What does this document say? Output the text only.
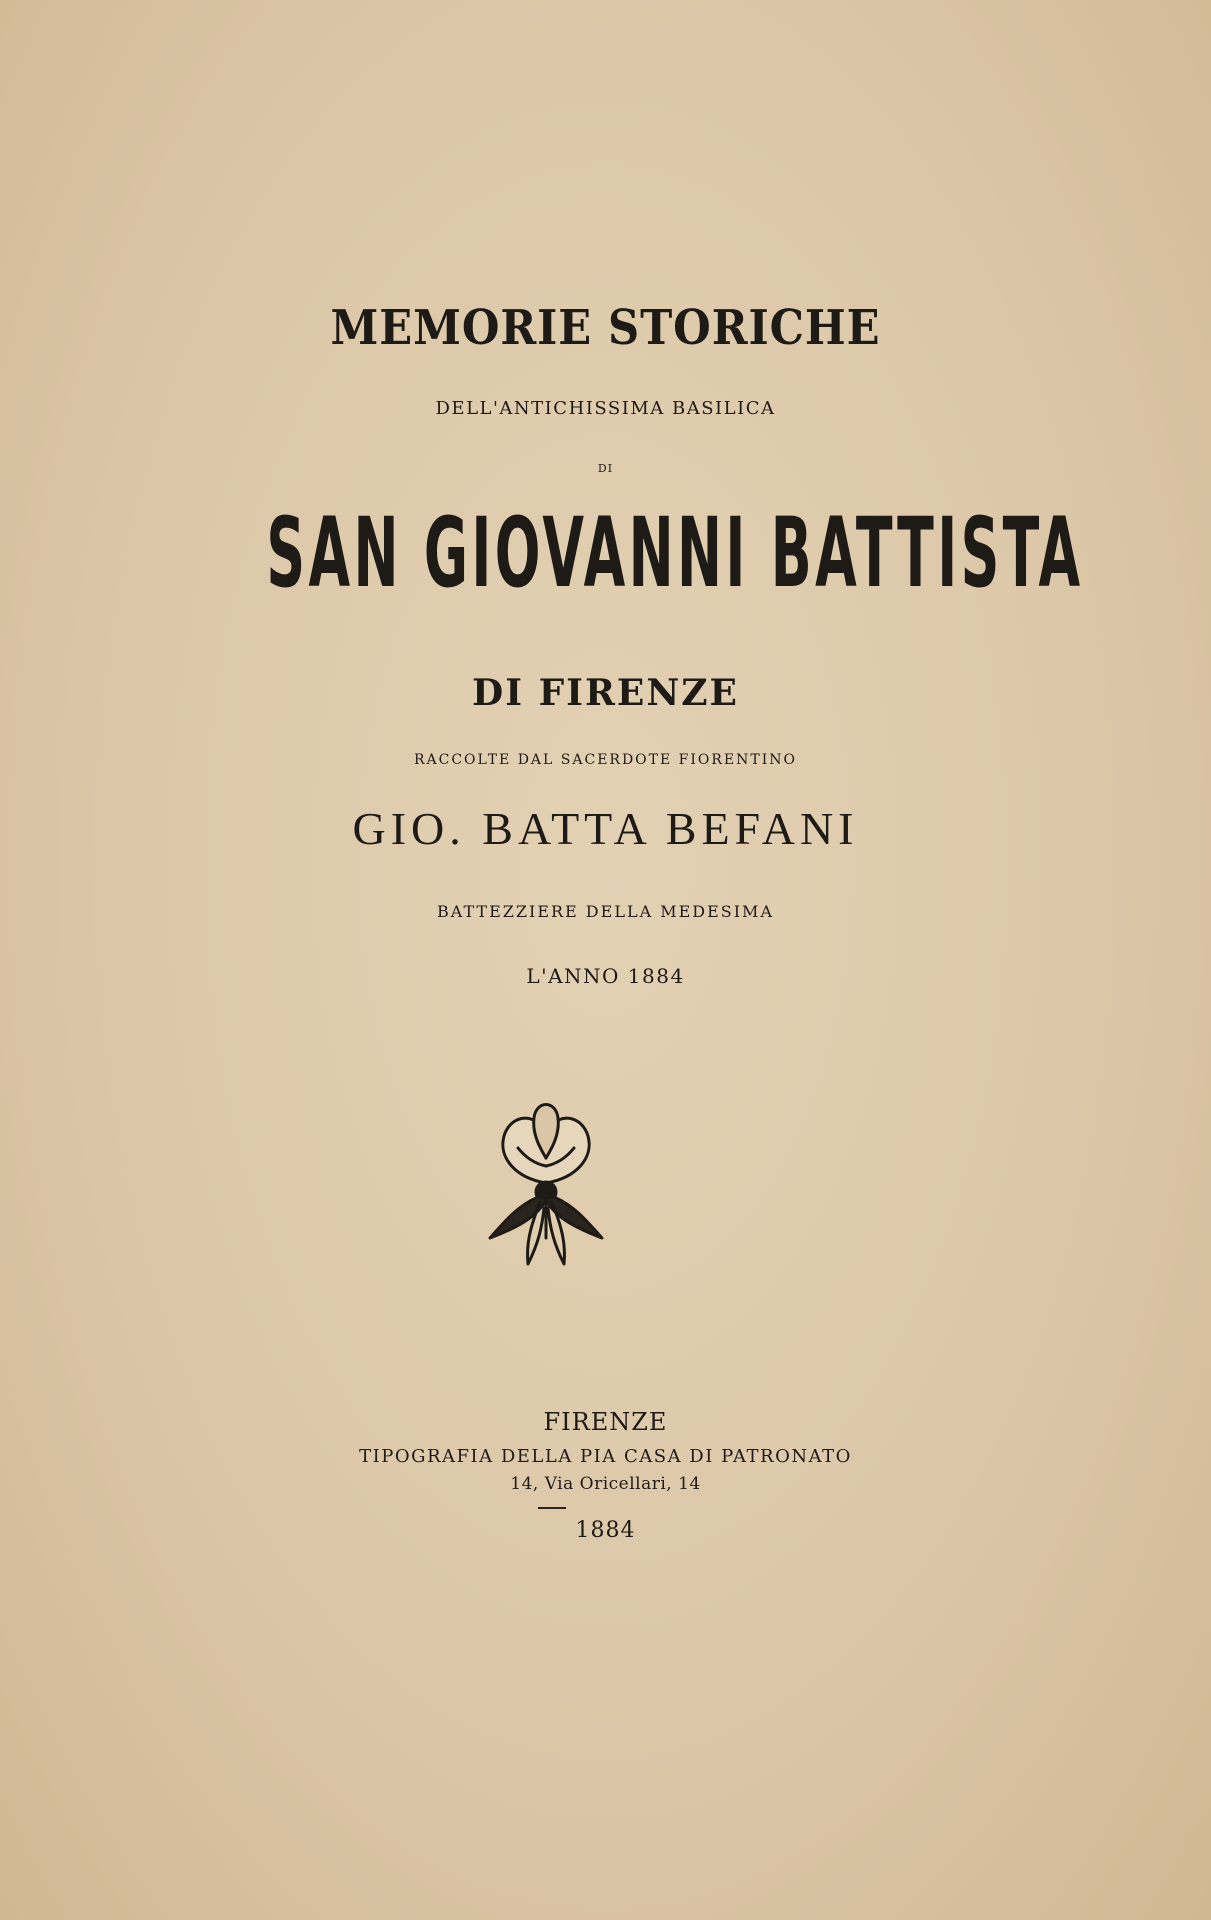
MEMORIE STORICHE

DELL'ANTICHISSIMA BASILICA

DI

SAN GIOVANNI BATTISTA

DI FIRENZE

RACCOLTE DAL SACERDOTE FIORENTINO

GIO. BATTA BEFANI

BATTEZZIERE DELLA MEDESIMA

L'ANNO 1884

FIRENZE

TIPOGRAFIA DELLA PIA CASA DI PATRONATO

14, Via Oricellari, 14

1884
